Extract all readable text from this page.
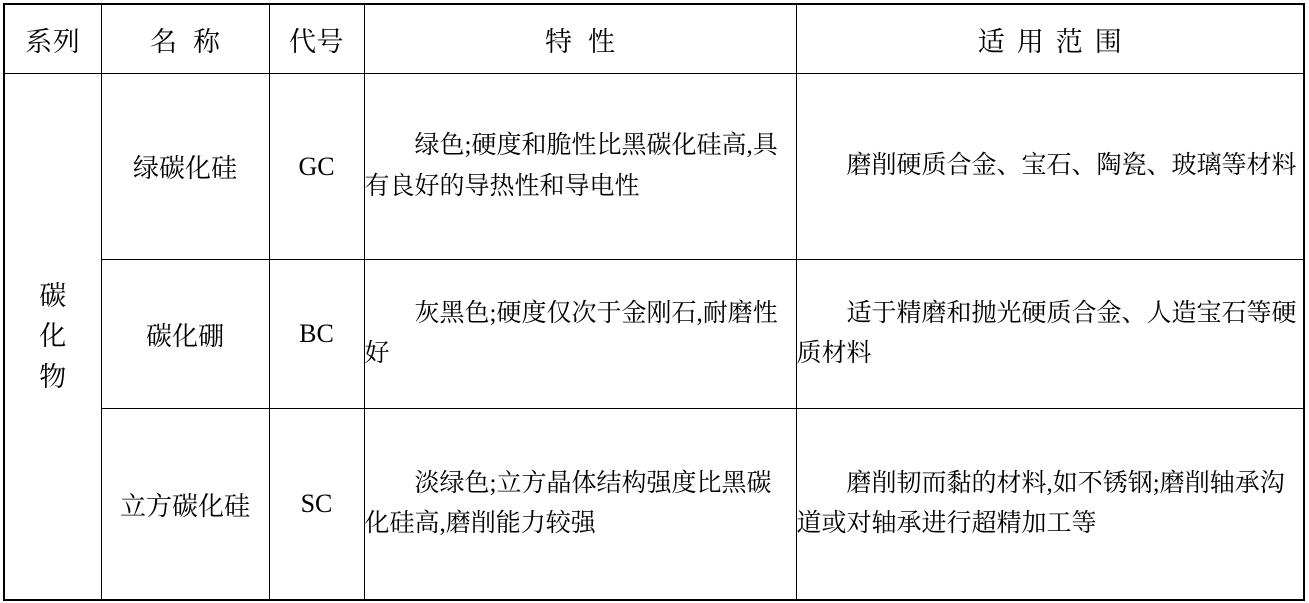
系列	名称	代号	特性	适用范围
碳化物	绿碳化硅	GC	绿色;硬度和脆性比黑碳化硅高,具有良好的导热性和导电性	磨削硬质合金、宝石、陶瓷、玻璃等材料

	碳化硼	BC	灰黑色;硬度仅次于金刚石,耐磨性好	适于精磨和抛光硬质合金、人造宝石等硬质材料

	立方碳化硅	SC	淡绿色;立方晶体结构强度比黑碳化硅高,磨削能力较强	磨削韧而黏的材料,如不锈钢;磨削轴承沟道或对轴承进行超精加工等
